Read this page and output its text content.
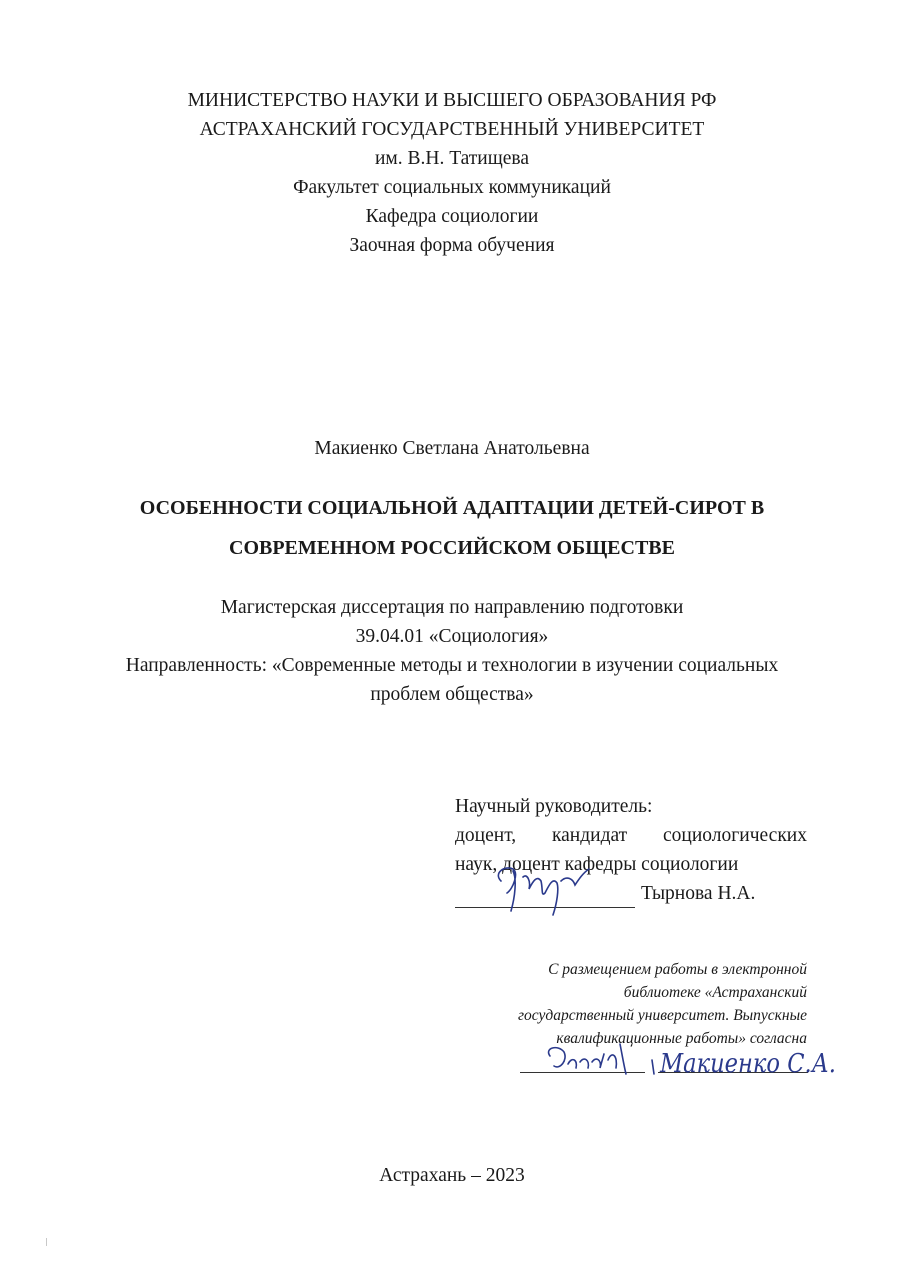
МИНИСТЕРСТВО НАУКИ И ВЫСШЕГО ОБРАЗОВАНИЯ РФ
АСТРАХАНСКИЙ ГОСУДАРСТВЕННЫЙ УНИВЕРСИТЕТ
им. В.Н. Татищева
Факультет социальных коммуникаций
Кафедра социологии
Заочная форма обучения
Макиенко Светлана Анатольевна
ОСОБЕННОСТИ СОЦИАЛЬНОЙ АДАПТАЦИИ ДЕТЕЙ-СИРОТ В
СОВРЕМЕННОМ РОССИЙСКОМ ОБЩЕСТВЕ
Магистерская диссертация по направлению подготовки
39.04.01 «Социология»
Направленность: «Современные методы и технологии в изучении социальных
проблем общества»
Научный руководитель:
доцент, кандидат социологических
наук, доцент кафедры социологии
Тырнова Н.А.
С размещением работы в электронной
библиотеке «Астраханский
государственный университет. Выпускные
квалификационные работы» согласна
Макиенко С.А.
Астрахань – 2023
